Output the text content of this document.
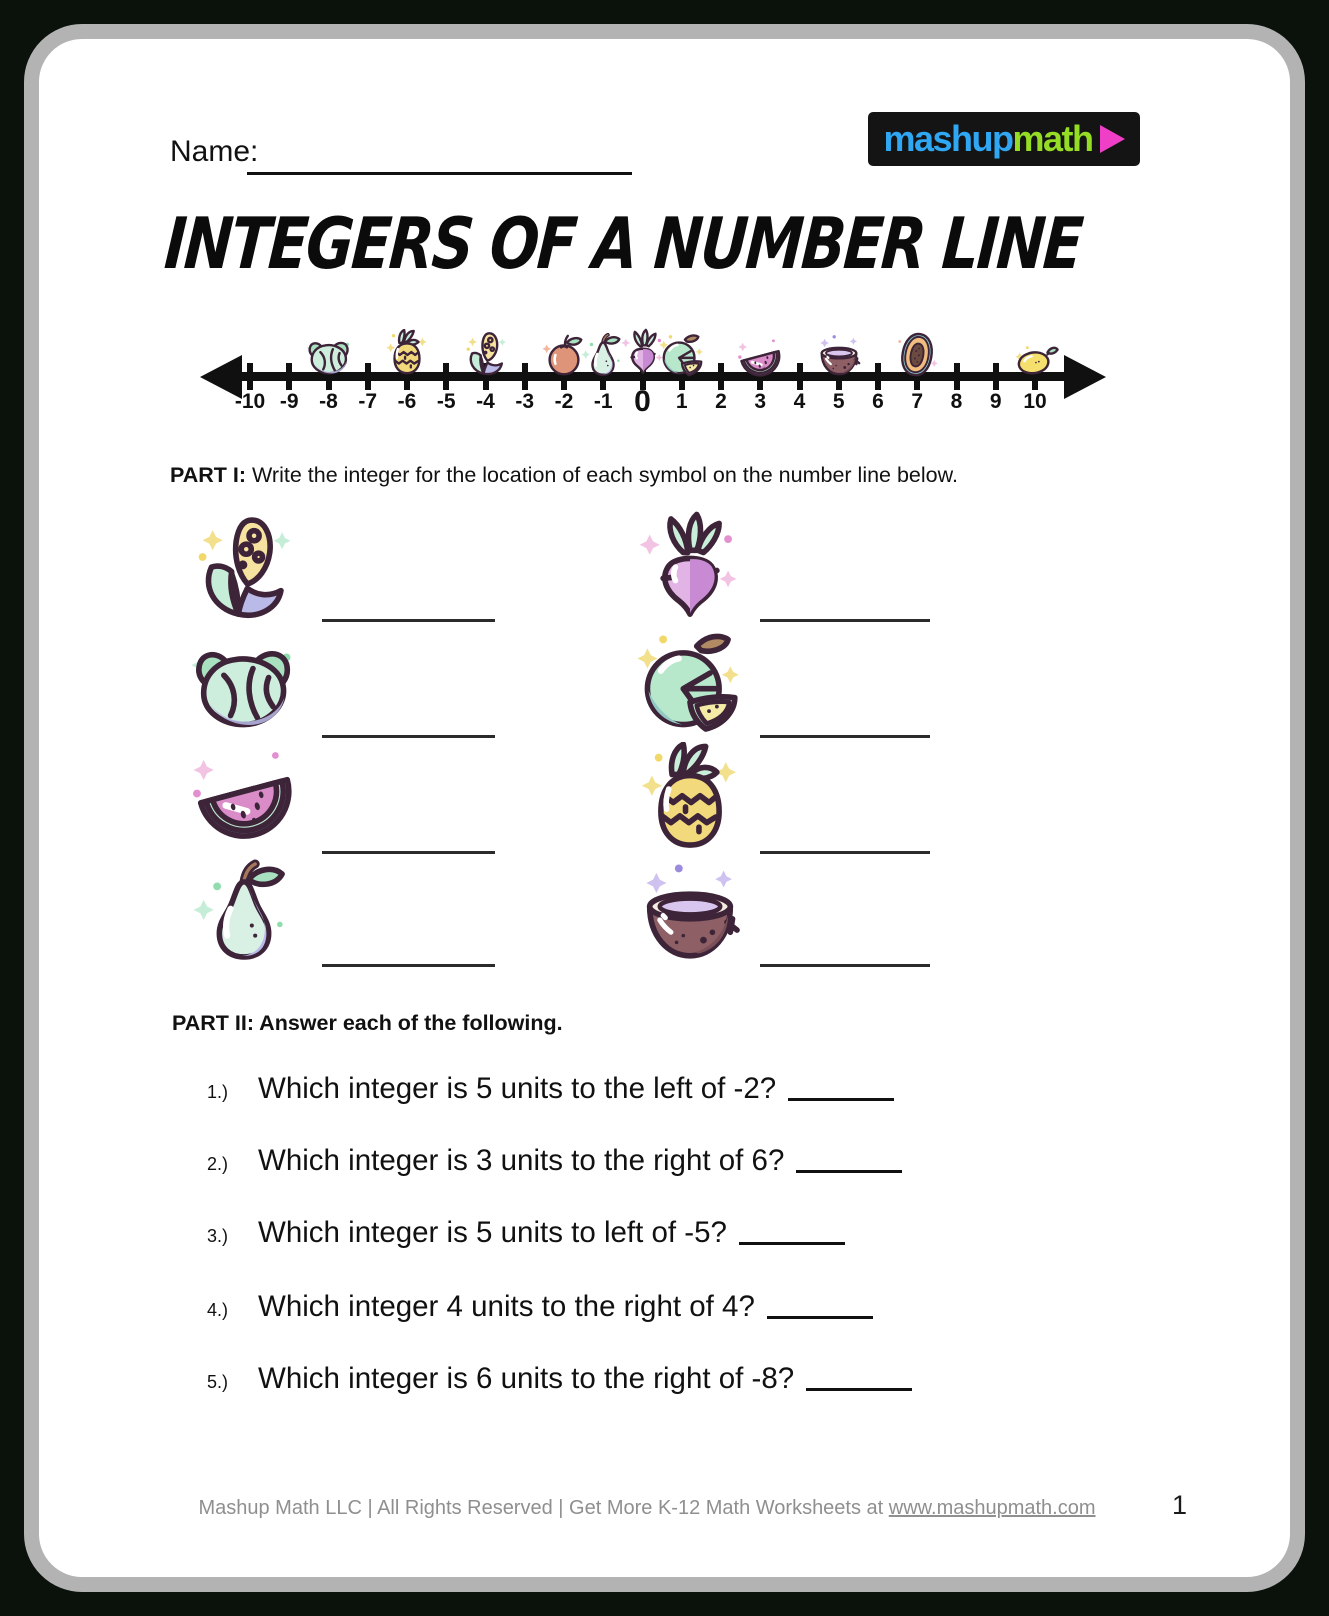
Name:	mashup math
INTEGERS OF A NUMBER LINE
-10 -9 -8 -7 -6 -5 -4 -3 -2 -1 0 1 2 3 4 5 6 7 8 9 10
PART I: Write the integer for the location of each symbol on the number line below.
PART II: Answer each of the following.
1.)	Which integer is 5 units to the left of -2?
2.)	Which integer is 3 units to the right of 6?
3.)	Which integer is 5 units to left of -5?
4.)	Which integer 4 units to the right of 4?
5.)	Which integer is 6 units to the right of -8?
Mashup Math LLC | All Rights Reserved | Get More K-12 Math Worksheets at www.mashupmath.com	1
